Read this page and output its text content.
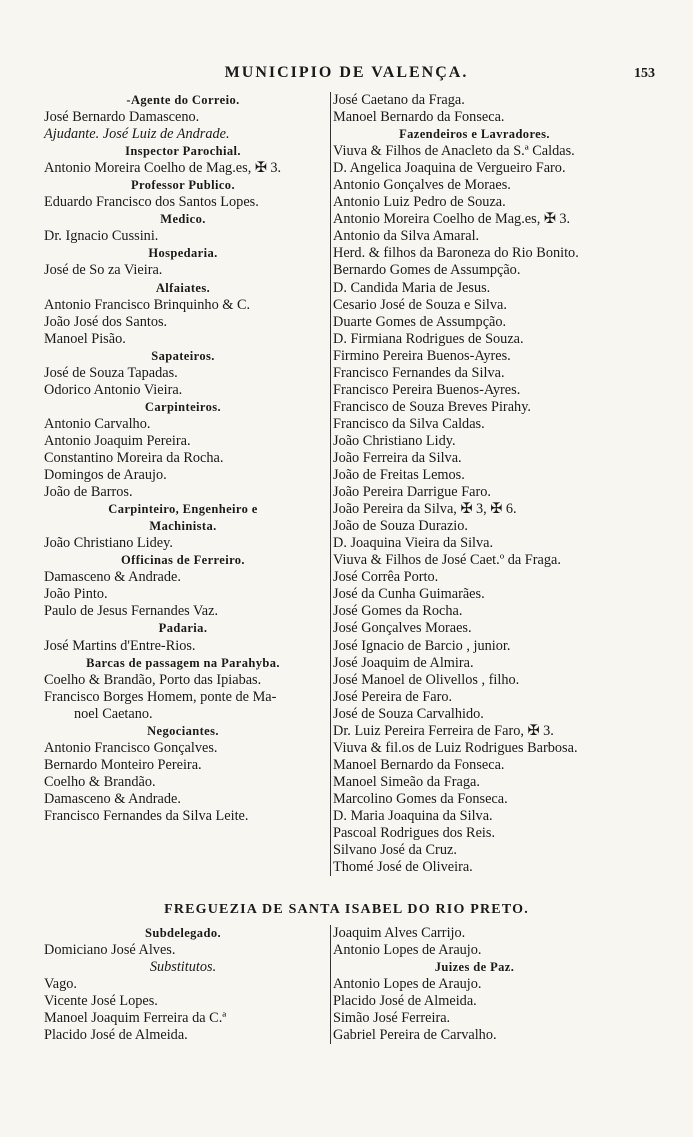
MUNICIPIO DE VALENÇA.	153
-Agente do Correio.
José Bernardo Damasceno.
Ajudante. José Luiz de Andrade.
Inspector Parochial.
Antonio Moreira Coelho de Mag.es, ✠ 3.
Professor Publico.
Eduardo Francisco dos Santos Lopes.
Medico.
Dr. Ignacio Cussini.
Hospedaria.
José de So za Vieira.
Alfaiates.
Antonio Francisco Brinquinho & C.
João José dos Santos.
Manoel Pisão.
Sapateiros.
José de Souza Tapadas.
Odorico Antonio Vieira.
Carpinteiros.
Antonio Carvalho.
Antonio Joaquim Pereira.
Constantino Moreira da Rocha.
Domingos de Araujo.
João de Barros.
Carpinteiro, Engenheiro e
Machinista.
João Christiano Lidey.
Officinas de Ferreiro.
Damasceno & Andrade.
João Pinto.
Paulo de Jesus Fernandes Vaz.
Padaria.
José Martins d'Entre-Rios.
Barcas de passagem na Parahyba.
Coelho & Brandão, Porto das Ipiabas.
Francisco Borges Homem, ponte de Ma-
noel Caetano.
Negociantes.
Antonio Francisco Gonçalves.
Bernardo Monteiro Pereira.
Coelho & Brandão.
Damasceno & Andrade.
Francisco Fernandes da Silva Leite.
José Caetano da Fraga.
Manoel Bernardo da Fonseca.
Fazendeiros e Lavradores.
Viuva & Filhos de Anacleto da S.ª Caldas.
D. Angelica Joaquina de Vergueiro Faro.
Antonio Gonçalves de Moraes.
Antonio Luiz Pedro de Souza.
Antonio Moreira Coelho de Mag.es, ✠ 3.
Antonio da Silva Amaral.
Herd. & filhos da Baroneza do Rio Bonito.
Bernardo Gomes de Assumpção.
D. Candida Maria de Jesus.
Cesario José de Souza e Silva.
Duarte Gomes de Assumpção.
D. Firmiana Rodrigues de Souza.
Firmino Pereira Buenos-Ayres.
Francisco Fernandes da Silva.
Francisco Pereira Buenos-Ayres.
Francisco de Souza Breves Pirahy.
Francisco da Silva Caldas.
João Christiano Lidy.
João Ferreira da Silva.
João de Freitas Lemos.
João Pereira Darrigue Faro.
João Pereira da Silva, ✠ 3, ✠ 6.
João de Souza Durazio.
D. Joaquina Vieira da Silva.
Viuva & Filhos de José Caet.º da Fraga.
José Corrêa Porto.
José da Cunha Guimarães.
José Gomes da Rocha.
José Gonçalves Moraes.
José Ignacio de Barcio , junior.
José Joaquim de Almira.
José Manoel de Olivellos , filho.
José Pereira de Faro.
José de Souza Carvalhido.
Dr. Luiz Pereira Ferreira de Faro, ✠ 3.
Viuva & fil.os de Luiz Rodrigues Barbosa.
Manoel Bernardo da Fonseca.
Manoel Simeão da Fraga.
Marcolino Gomes da Fonseca.
D. Maria Joaquina da Silva.
Pascoal Rodrigues dos Reis.
Silvano José da Cruz.
Thomé José de Oliveira.
FREGUEZIA DE SANTA ISABEL DO RIO PRETO.
Subdelegado.
Domiciano José Alves.
Substitutos.
Vago.
Vicente José Lopes.
Manoel Joaquim Ferreira da C.ª
Placido José de Almeida.
Joaquim Alves Carrijo.
Antonio Lopes de Araujo.
Juizes de Paz.
Antonio Lopes de Araujo.
Placido José de Almeida.
Simão José Ferreira.
Gabriel Pereira de Carvalho.
